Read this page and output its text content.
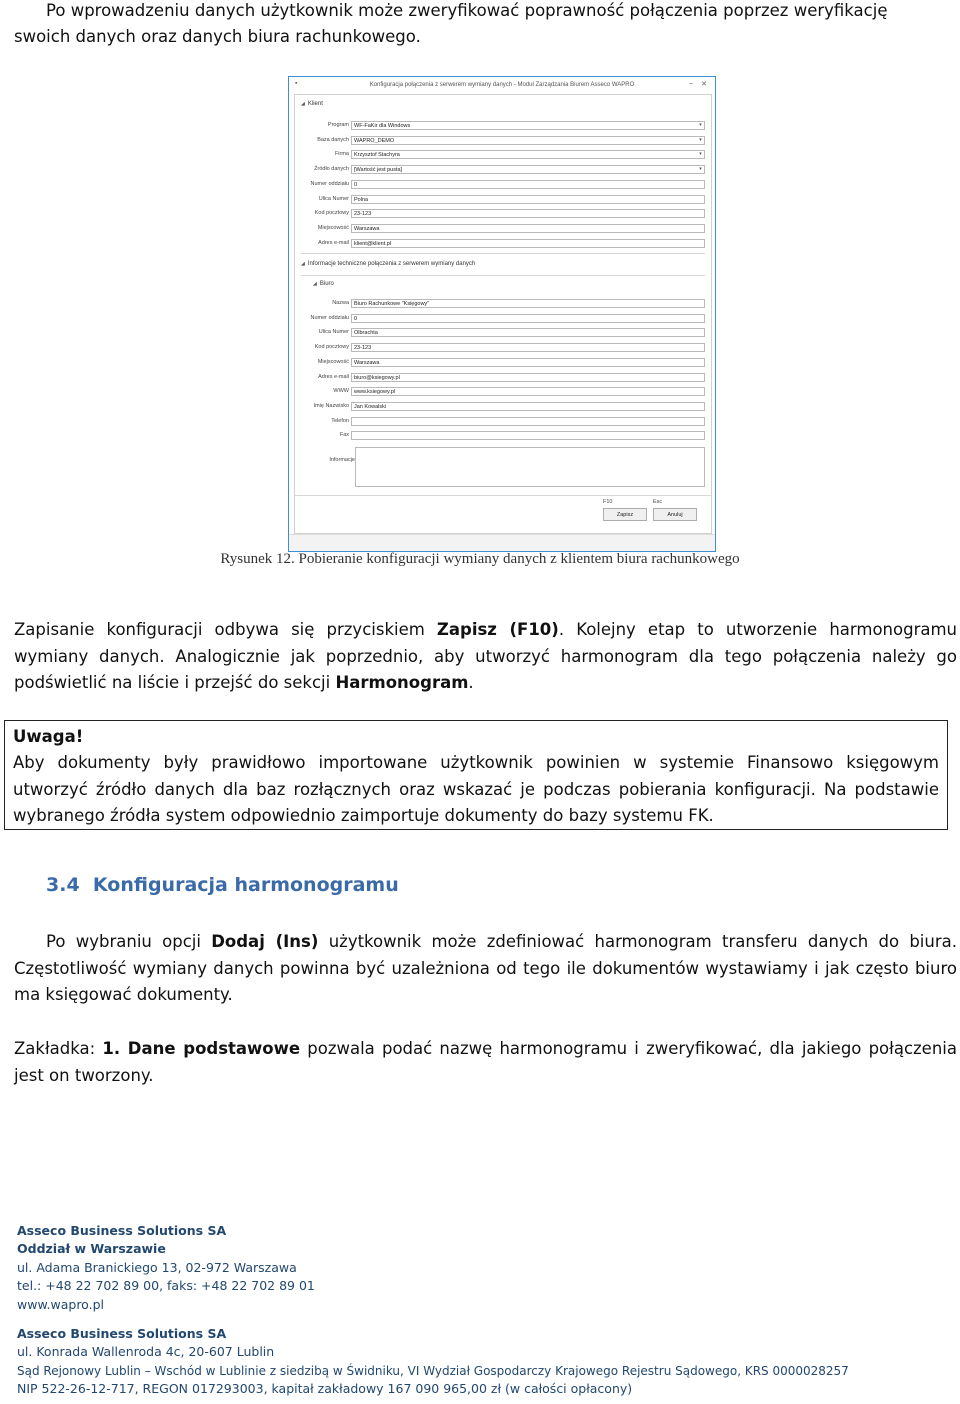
Po wprowadzeniu danych użytkownik może zweryfikować poprawność połączenia poprzez weryfikację
swoich danych oraz danych biura rachunkowego.
Konfiguracja połączenia z serwerem wymiany danych - Moduł Zarządzania Biurem Asseco WAPRO
▪	– ✕
◢ Klient
Program WF-FaKir dla Windows	▾
Baza danych WAPRO_DEMO	▾
Firma Krzysztof Stachyra	▾
Źródło danych [Wartość jest pusta]	▾
Numer oddziału 0
Ulica Numer Polna
Kod pocztowy 23-123
Miejscowość Warszawa
Adres e-mail klient@klient.pl
◢ Informacje techniczne połączenia z serwerem wymiany danych
◢ Biuro
Nazwa Biuro Rachunkowe "Księgowy"
Numer oddziału 0
Ulica Numer Olbrachta
Kod pocztowy 23-123
Miejscowość Warszawa
Adres e-mail biuro@ksiegowy.pl
WWW www.ksiegowy.pl
Imię Nazwisko Jan Kowalski
Telefon
Fax
Informacje
F10	Esc
Zapisz	Anuluj
Rysunek 12. Pobieranie konfiguracji wymiany danych z klientem biura rachunkowego
Zapisanie konfiguracji odbywa się przyciskiem Zapisz (F10). Kolejny etap to utworzenie harmonogramu wymiany danych. Analogicznie jak poprzednio, aby utworzyć harmonogram dla tego połączenia należy go podświetlić na liście i przejść do sekcji Harmonogram.
Uwaga!
Aby dokumenty były prawidłowo importowane użytkownik powinien w systemie Finansowo księgowym utworzyć źródło danych dla baz rozłącznych oraz wskazać je podczas pobierania konfiguracji. Na podstawie wybranego źródła system odpowiednio zaimportuje dokumenty do bazy systemu FK.
3.4 Konfiguracja harmonogramu
Po wybraniu opcji Dodaj (Ins) użytkownik może zdefiniować harmonogram transferu danych do biura. Częstotliwość wymiany danych powinna być uzależniona od tego ile dokumentów wystawiamy i jak często biuro ma księgować dokumenty.
Zakładka: 1. Dane podstawowe pozwala podać nazwę harmonogramu i zweryfikować, dla jakiego połączenia jest on tworzony.
Asseco Business Solutions SA
Oddział w Warszawie
ul. Adama Branickiego 13, 02-972 Warszawa
tel.: +48 22 702 89 00, faks: +48 22 702 89 01
www.wapro.pl
Asseco Business Solutions SA
ul. Konrada Wallenroda 4c, 20-607 Lublin
Sąd Rejonowy Lublin – Wschód w Lublinie z siedzibą w Świdniku, VI Wydział Gospodarczy Krajowego Rejestru Sądowego, KRS 0000028257
NIP 522-26-12-717, REGON 017293003, kapitał zakładowy 167 090 965,00 zł (w całości opłacony)
